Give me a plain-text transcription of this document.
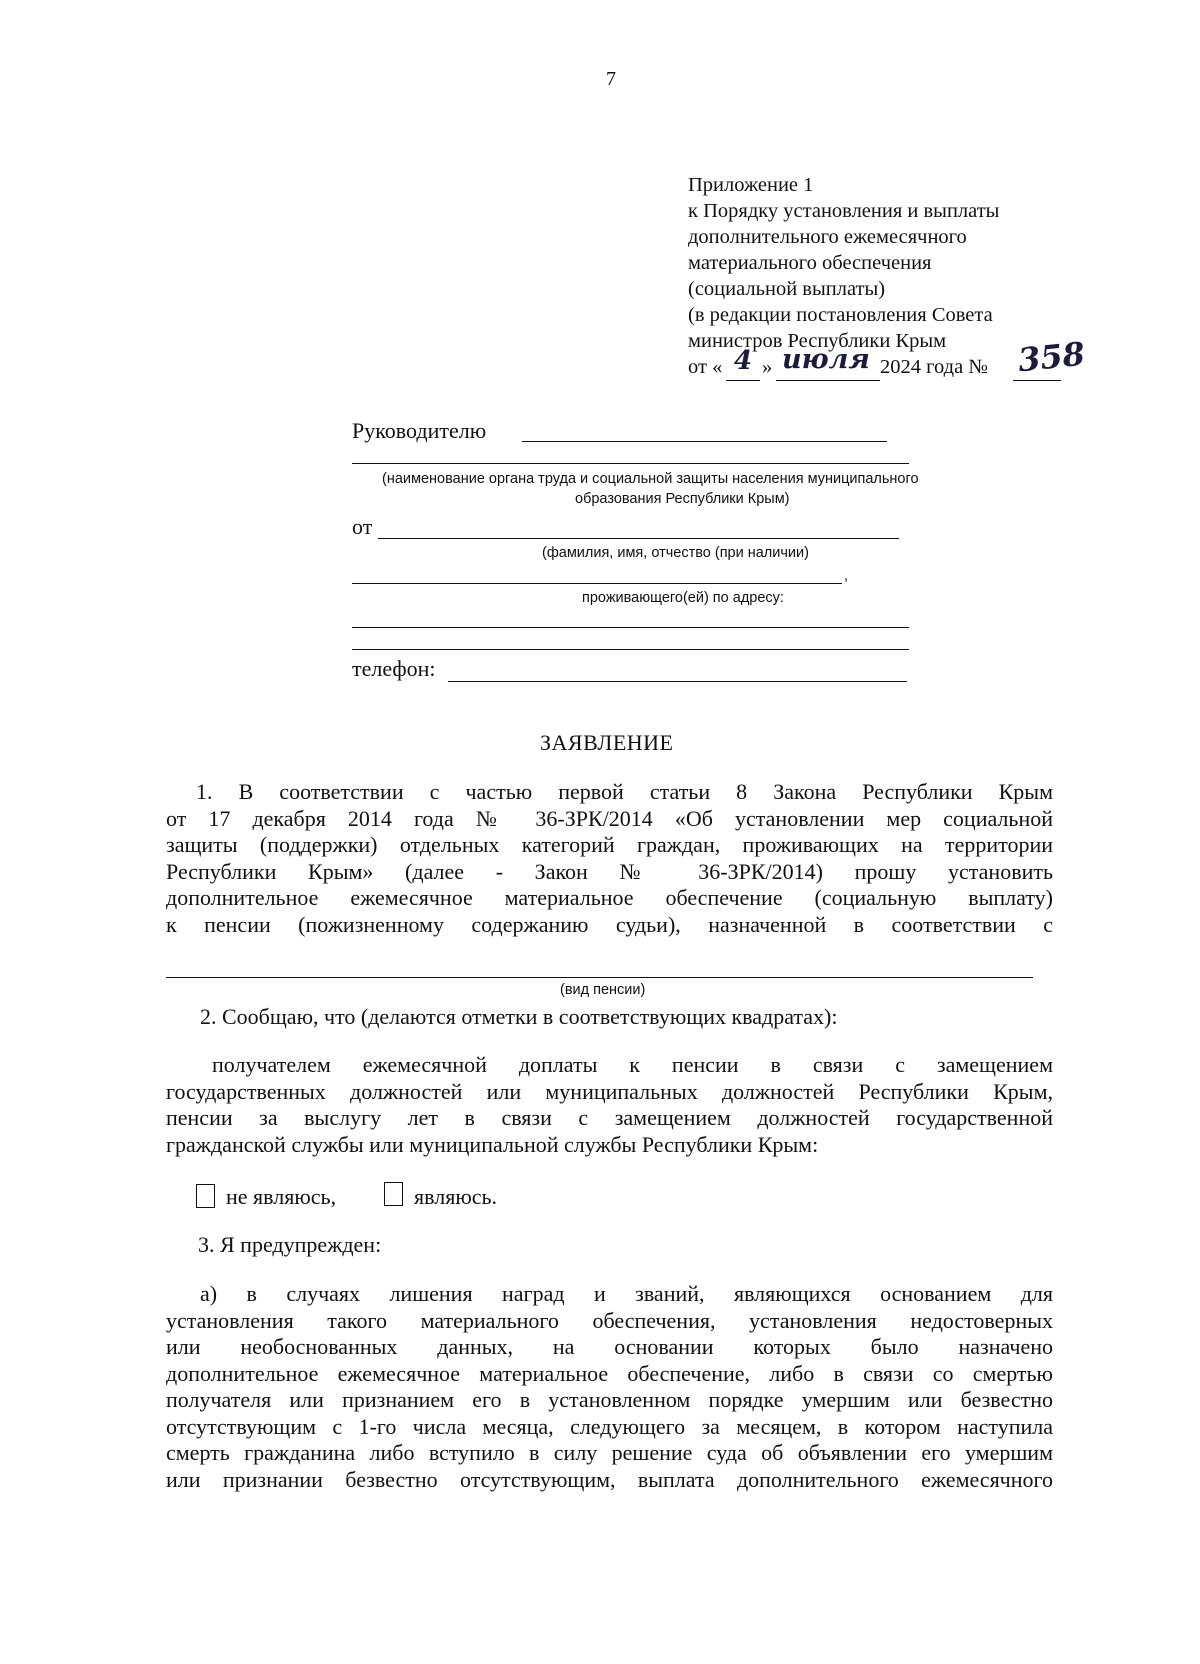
7
Приложение 1
к Порядку установления и выплаты
дополнительного ежемесячного
материального обеспечения
(социальной выплаты)
(в редакции постановления Совета
министров Республики Крым
от « 4 » июля 2024 года № 358
Руководителю
(наименование органа труда и социальной защиты населения муниципального
образования Республики Крым)
от
(фамилия, имя, отчество (при наличии)
,
проживающего(ей) по адресу:
телефон:
ЗАЯВЛЕНИЕ
1. В соответствии с частью первой статьи 8 Закона Республики Крым
от 17 декабря 2014 года № 36-ЗРК/2014 «Об установлении мер социальной
защиты (поддержки) отдельных категорий граждан, проживающих на территории
Республики Крым» (далее - Закон № 36-ЗРК/2014) прошу установить
дополнительное ежемесячное материальное обеспечение (социальную выплату)
к пенсии (пожизненному содержанию судьи), назначенной в соответствии с
(вид пенсии)
2. Сообщаю, что (делаются отметки в соответствующих квадратах):
получателем ежемесячной доплаты к пенсии в связи с замещением
государственных должностей или муниципальных должностей Республики Крым,
пенсии за выслугу лет в связи с замещением должностей государственной
гражданской службы или муниципальной службы Республики Крым:
не являюсь,	являюсь.
3. Я предупрежден:
а) в случаях лишения наград и званий, являющихся основанием для
установления такого материального обеспечения, установления недостоверных
или необоснованных данных, на основании которых было назначено
дополнительное ежемесячное материальное обеспечение, либо в связи со смертью
получателя или признанием его в установленном порядке умершим или безвестно
отсутствующим с 1-го числа месяца, следующего за месяцем, в котором наступила
смерть гражданина либо вступило в силу решение суда об объявлении его умершим
или признании безвестно отсутствующим, выплата дополнительного ежемесячного
